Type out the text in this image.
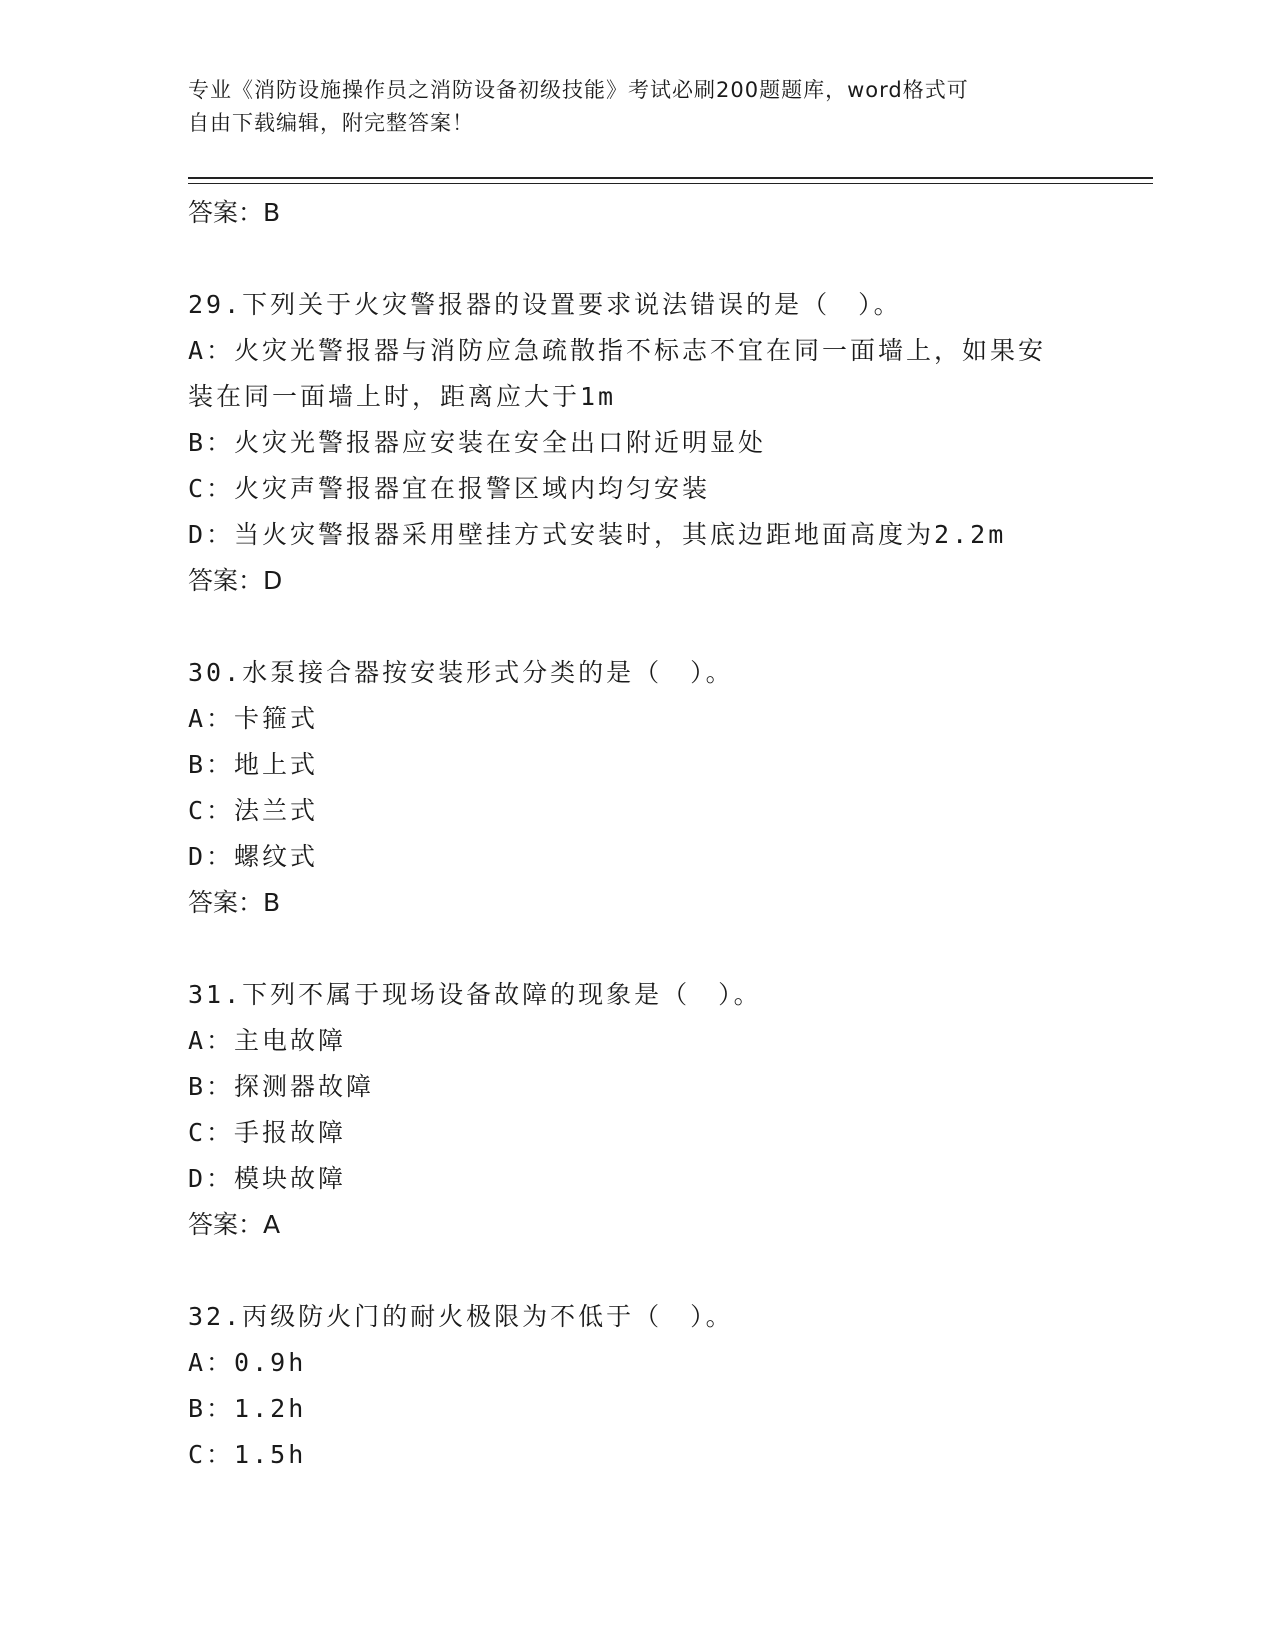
专业《消防设施操作员之消防设备初级技能》考试必刷200题题库，word格式可
自由下载编辑，附完整答案！

答案：B

29.下列关于火灾警报器的设置要求说法错误的是（　）。

A：火灾光警报器与消防应急疏散指不标志不宜在同一面墙上，如果安

装在同一面墙上时，距离应大于1m

B：火灾光警报器应安装在安全出口附近明显处

C：火灾声警报器宜在报警区域内均匀安装

D：当火灾警报器采用壁挂方式安装时，其底边距地面高度为2.2m

答案：D

30.水泵接合器按安装形式分类的是（　）。

A：卡箍式

B：地上式

C：法兰式

D：螺纹式

答案：B

31.下列不属于现场设备故障的现象是（　）。

A：主电故障

B：探测器故障

C：手报故障

D：模块故障

答案：A

32.丙级防火门的耐火极限为不低于（　）。

A：0.9h

B：1.2h

C：1.5h
